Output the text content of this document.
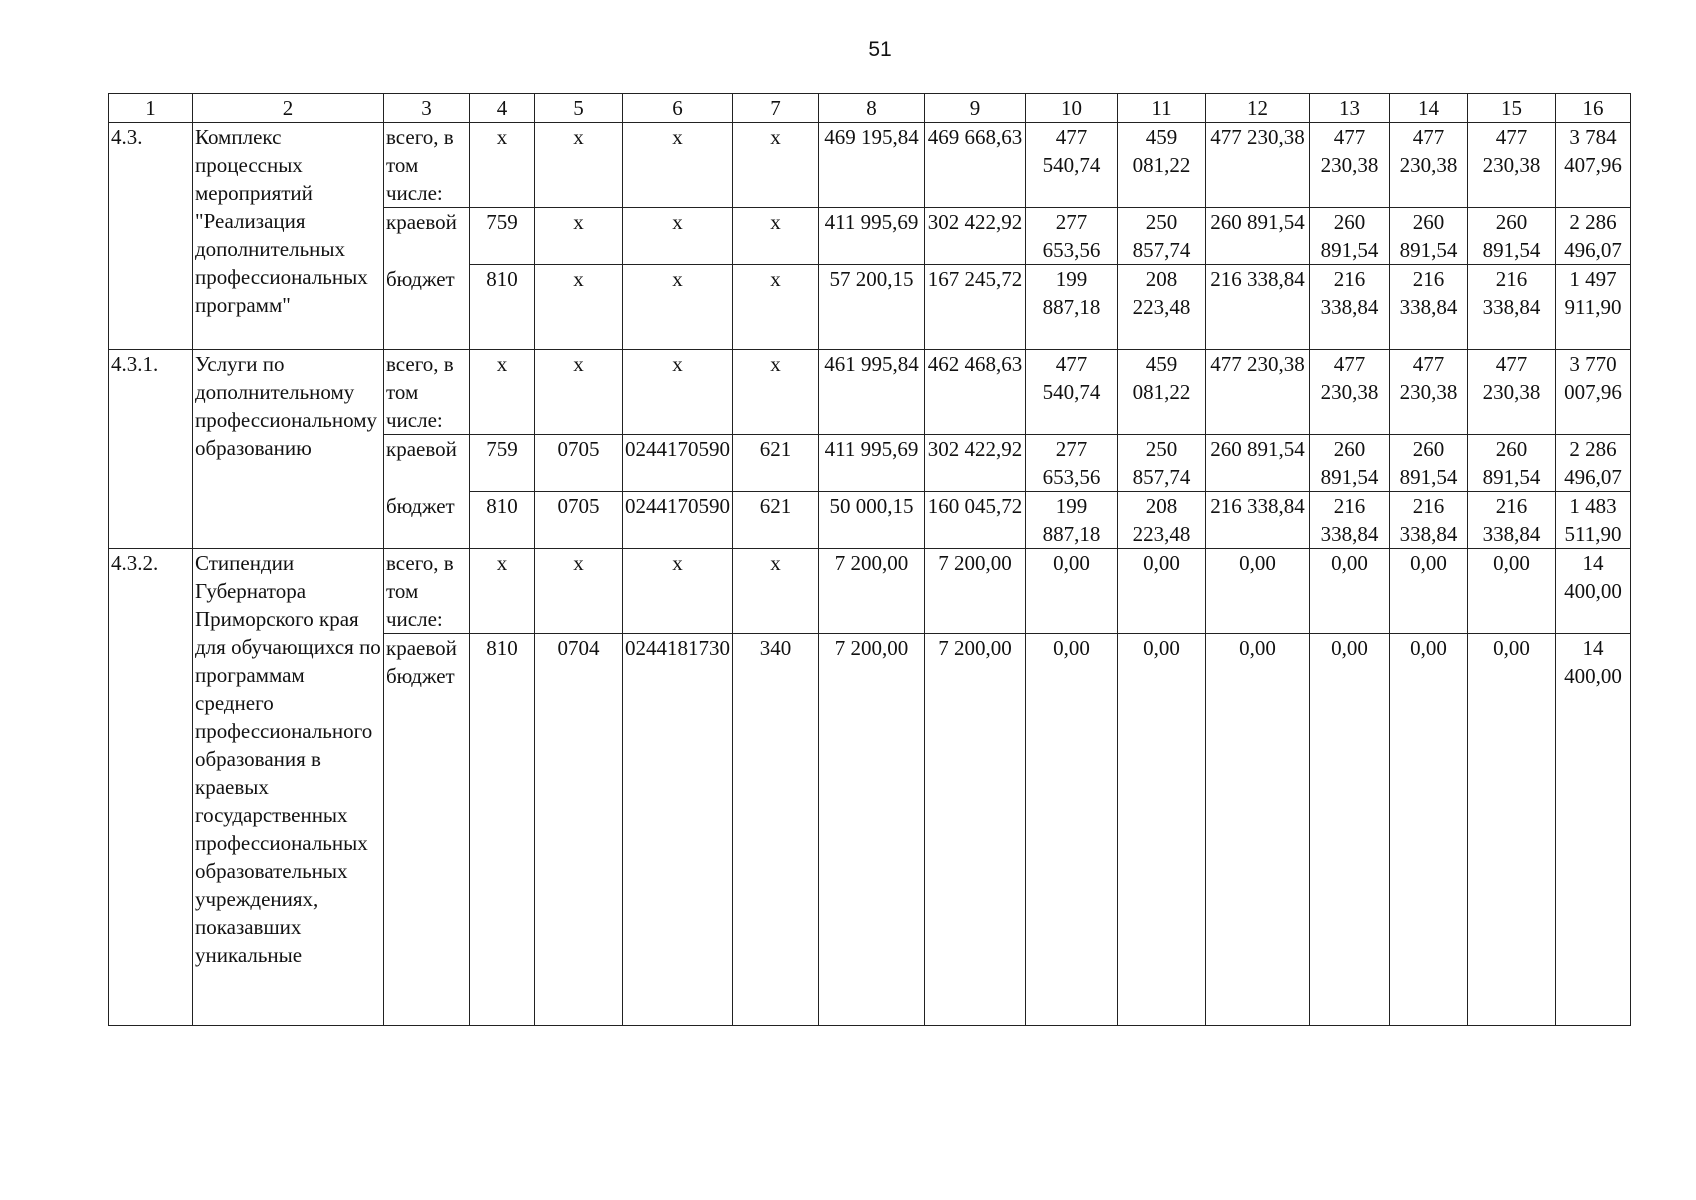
51
1	2	3	4	5	6	7	8	9	10	11	12	13	14	15	16
4.3.	Комплекс процессных мероприятий "Реализация дополнительных профессиональных программ"	всего, в том числе:	x	x	x	x	469 195,84	469 668,63	477 540,74	459 081,22	477 230,38	477 230,38	477 230,38	477 230,38	3 784 407,96
		краевой	759	x	x	x	411 995,69	302 422,92	277 653,56	250 857,74	260 891,54	260 891,54	260 891,54	260 891,54	2 286 496,07
		бюджет	810	x	x	x	57 200,15	167 245,72	199 887,18	208 223,48	216 338,84	216 338,84	216 338,84	216 338,84	1 497 911,90
4.3.1.	Услуги по дополнительному профессиональному образованию	всего, в том числе:	x	x	x	x	461 995,84	462 468,63	477 540,74	459 081,22	477 230,38	477 230,38	477 230,38	477 230,38	3 770 007,96
		краевой	759	0705	0244170590	621	411 995,69	302 422,92	277 653,56	250 857,74	260 891,54	260 891,54	260 891,54	260 891,54	2 286 496,07
		бюджет	810	0705	0244170590	621	50 000,15	160 045,72	199 887,18	208 223,48	216 338,84	216 338,84	216 338,84	216 338,84	1 483 511,90
4.3.2.	Стипендии Губернатора Приморского края для обучающихся по программам среднего профессионального образования в краевых государственных профессиональных образовательных учреждениях, показавших уникальные	всего, в том числе:	x	x	x	x	7 200,00	7 200,00	0,00	0,00	0,00	0,00	0,00	0,00	14 400,00
		краевой бюджет	810	0704	0244181730	340	7 200,00	7 200,00	0,00	0,00	0,00	0,00	0,00	0,00	14 400,00
